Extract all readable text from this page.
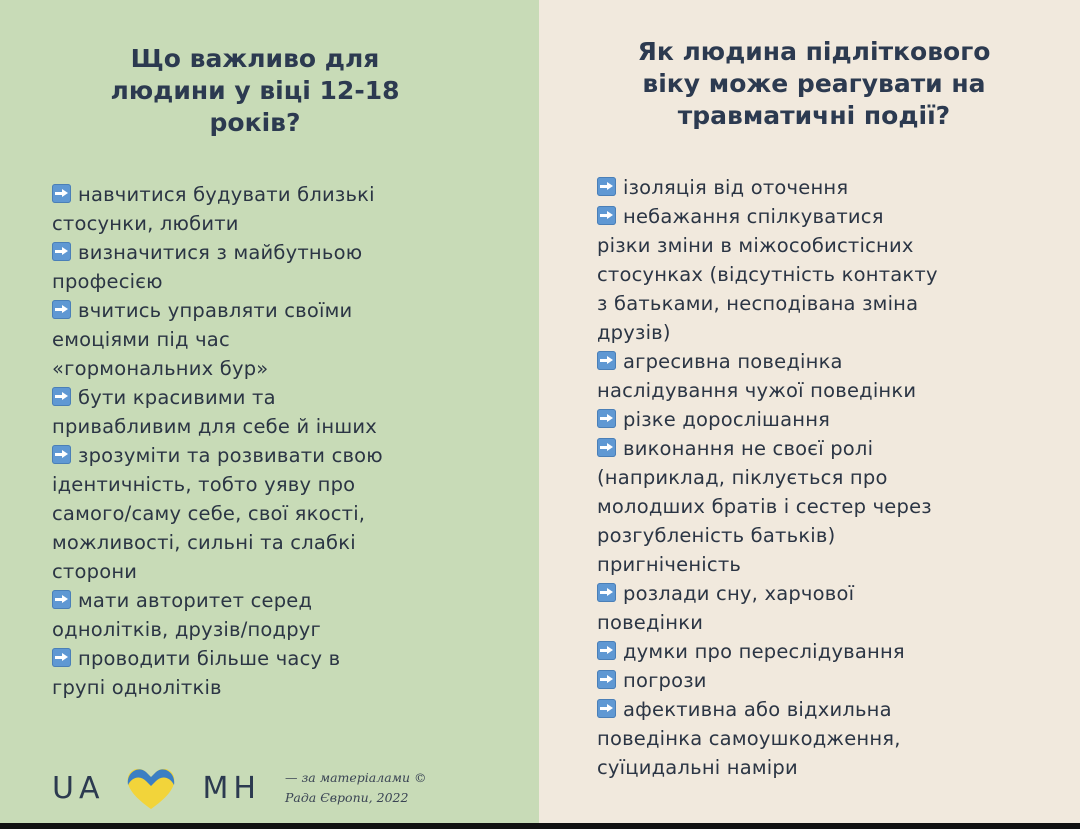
Що важливо для
людини у віці 12-18
років?
навчитися будувати близькі
стосунки, любити
визначитися з майбутньою
професією
вчитись управляти своїми
емоціями під час
«гормональних бур»
бути красивими та
привабливим для себе й інших
зрозуміти та розвивати свою
ідентичність, тобто уяву про
самого/саму себе, свої якості,
можливості, сильні та слабкі
сторони
мати авторитет серед
однолітків, друзів/подруг
проводити більше часу в
групі однолітків
UA	MH — за матеріалами ©
Рада Європи, 2022
Як людина підліткового
віку може реагувати на
травматичні події?
ізоляція від оточення
небажання спілкуватися
різки зміни в міжособистісних
стосунках (відсутність контакту
з батьками, несподівана зміна
друзів)
агресивна поведінка
наслідування чужої поведінки
різке дорослішання
виконання не своєї ролі
(наприклад, піклується про
молодших братів і сестер через
розгубленість батьків)
пригніченість
розлади сну, харчової
поведінки
думки про переслідування
погрози
афективна або відхильна
поведінка самоушкодження,
суїцидальні наміри
